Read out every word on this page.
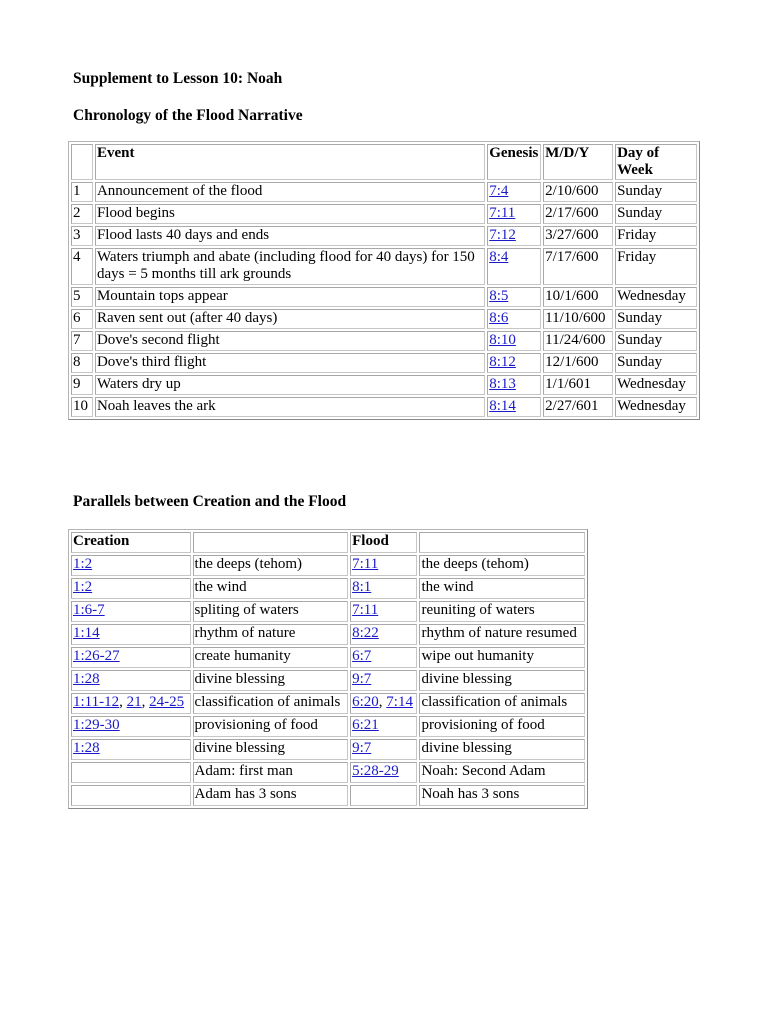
Supplement to Lesson 10: Noah

Chronology of the Flood Narrative

	Event	Genesis	M/D/Y	Day of Week
1	Announcement of the flood	7:4	2/10/600	Sunday
2	Flood begins	7:11	2/17/600	Sunday
3	Flood lasts 40 days and ends	7:12	3/27/600	Friday
4	Waters triumph and abate (including flood for 40 days) for 150 days = 5 months till ark grounds	8:4	7/17/600	Friday
5	Mountain tops appear	8:5	10/1/600	Wednesday
6	Raven sent out (after 40 days)	8:6	11/10/600	Sunday
7	Dove's second flight	8:10	11/24/600	Sunday
8	Dove's third flight	8:12	12/1/600	Sunday
9	Waters dry up	8:13	1/1/601	Wednesday
10	Noah leaves the ark	8:14	2/27/601	Wednesday

Parallels between Creation and the Flood

Creation		Flood	
1:2	the deeps (tehom)	7:11	the deeps (tehom)
1:2	the wind	8:1	the wind
1:6-7	spliting of waters	7:11	reuniting of waters
1:14	rhythm of nature	8:22	rhythm of nature resumed
1:26-27	create humanity	6:7	wipe out humanity
1:28	divine blessing	9:7	divine blessing
1:11-12, 21, 24-25	classification of animals	6:20, 7:14	classification of animals
1:29-30	provisioning of food	6:21	provisioning of food
1:28	divine blessing	9:7	divine blessing
	Adam: first man	5:28-29	Noah: Second Adam
	Adam has 3 sons		Noah has 3 sons
